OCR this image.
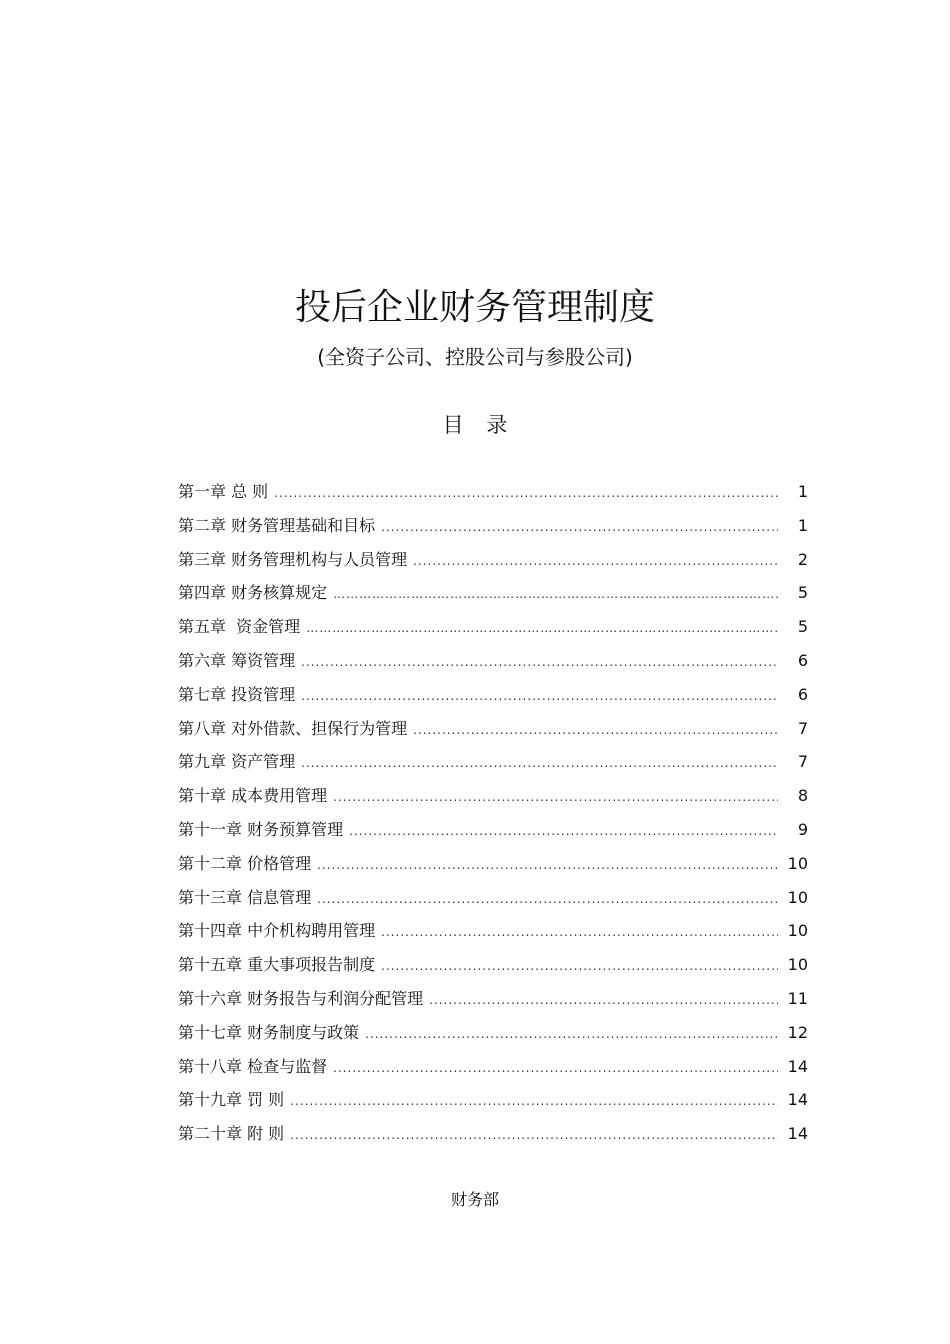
投后企业财务管理制度
(全资子公司、控股公司与参股公司)
目 录
第一章 总 则 .....	1
第二章 财务管理基础和目标 .....	1
第三章 财务管理机构与人员管理 .....	2
第四章 财务核算规定 ……………………………………………………………………………………………………………………………………………………………	5
第五章  资金管理 ……………………………………………………………………………………………………………………………………………………………	5
第六章 筹资管理 .....	6
第七章 投资管理 .....	6
第八章 对外借款、担保行为管理 .....	7
第九章 资产管理 .....	7
第十章 成本费用管理 .....	8
第十一章 财务预算管理 .....	9
第十二章 价格管理 .....	10
第十三章 信息管理 .....	10
第十四章 中介机构聘用管理 .....	10
第十五章 重大事项报告制度 .....	10
第十六章 财务报告与利润分配管理 .....	11
第十七章 财务制度与政策 .....	12
第十八章 检查与监督 .....	14
第十九章 罚 则 .....	14
第二十章 附 则 .....	14
财务部
